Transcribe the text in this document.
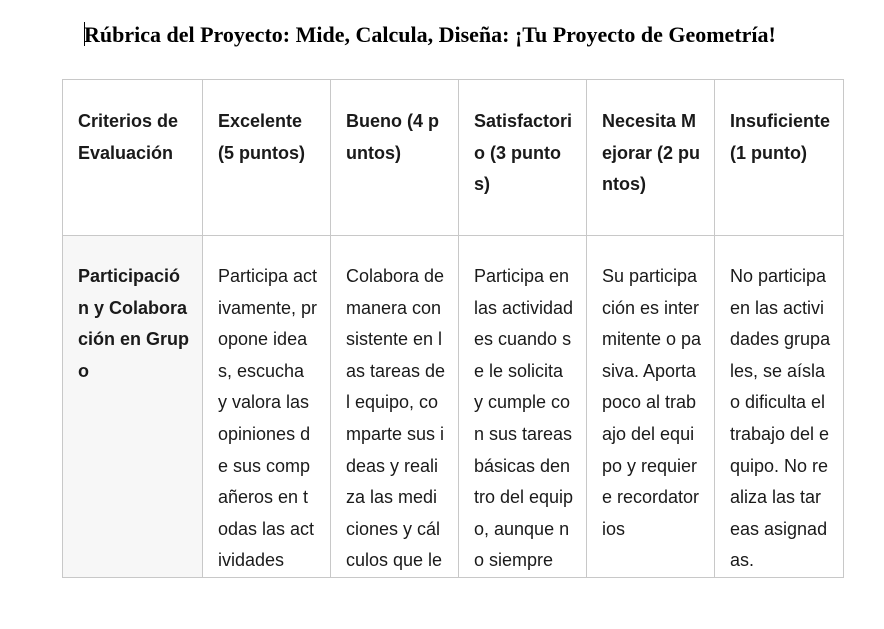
Rúbrica del Proyecto: Mide, Calcula, Diseña: ¡Tu Proyecto de Geometría!
Criterios de Evaluación	Excelente (5 puntos)	Bueno (4 puntos)	Satisfactorio (3 puntos)	Necesita Mejorar (2 puntos)	Insuficiente (1 punto)
Participación y Colaboración en Grupo	Participa activamente, propone ideas, escucha y valora las opiniones de sus compañeros en todas las actividades	Colabora de manera consistente en las tareas del equipo, comparte sus ideas y realiza las mediciones y cálculos que le	Participa en las actividades cuando se le solicita y cumple con sus tareas básicas dentro del equipo, aunque no siempre	Su participación es intermitente o pasiva. Aporta poco al trabajo del equipo y requiere recordatorios	No participa en las actividades grupales, se aísla o dificulta el trabajo del equipo. No realiza las tareas asignadas.
